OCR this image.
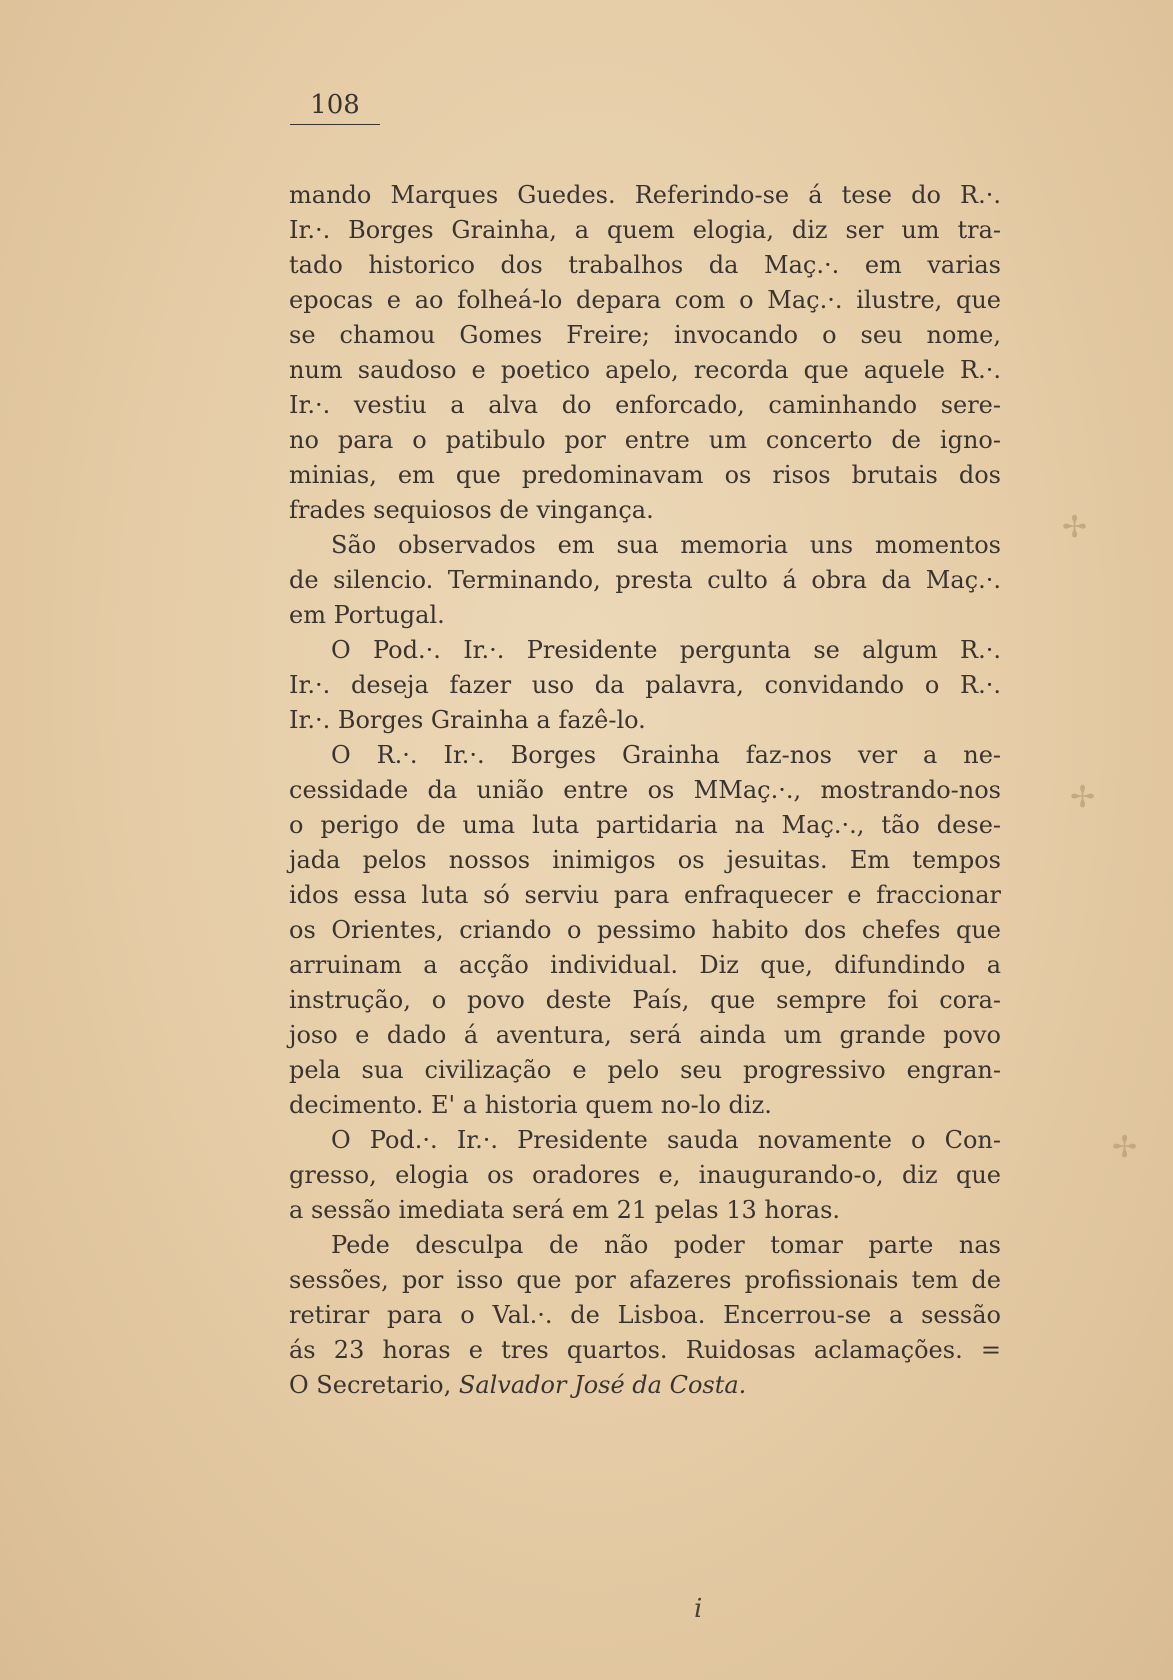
108
mando Marques Guedes. Referindo-se á tese do R.·.
Ir.·. Borges Grainha, a quem elogia, diz ser um tra-
tado historico dos trabalhos da Maç.·. em varias
epocas e ao folheá-lo depara com o Maç.·. ilustre, que
se chamou Gomes Freire; invocando o seu nome,
num saudoso e poetico apelo, recorda que aquele R.·.
Ir.·. vestiu a alva do enforcado, caminhando sere-
no para o patibulo por entre um concerto de igno-
minias, em que predominavam os risos brutais dos
frades sequiosos de vingança.
São observados em sua memoria uns momentos
de silencio. Terminando, presta culto á obra da Maç.·.
em Portugal.
O Pod.·. Ir.·. Presidente pergunta se algum R.·.
Ir.·. deseja fazer uso da palavra, convidando o R.·.
Ir.·. Borges Grainha a fazê-lo.
O R.·. Ir.·. Borges Grainha faz-nos ver a ne-
cessidade da união entre os MMaç.·., mostrando-nos
o perigo de uma luta partidaria na Maç.·., tão dese-
jada pelos nossos inimigos os jesuitas. Em tempos
idos essa luta só serviu para enfraquecer e fraccionar
os Orientes, criando o pessimo habito dos chefes que
arruinam a acção individual. Diz que, difundindo a
instrução, o povo deste País, que sempre foi cora-
joso e dado á aventura, será ainda um grande povo
pela sua civilização e pelo seu progressivo engran-
decimento. E' a historia quem no-lo diz.
O Pod.·. Ir.·. Presidente sauda novamente o Con-
gresso, elogia os oradores e, inaugurando-o, diz que
a sessão imediata será em 21 pelas 13 horas.
Pede desculpa de não poder tomar parte nas
sessões, por isso que por afazeres profissionais tem de
retirar para o Val.·. de Lisboa. Encerrou-se a sessão
ás 23 horas e tres quartos. Ruidosas aclamações. =
O Secretario, Salvador José da Costa.
✢
✢
✢
i
